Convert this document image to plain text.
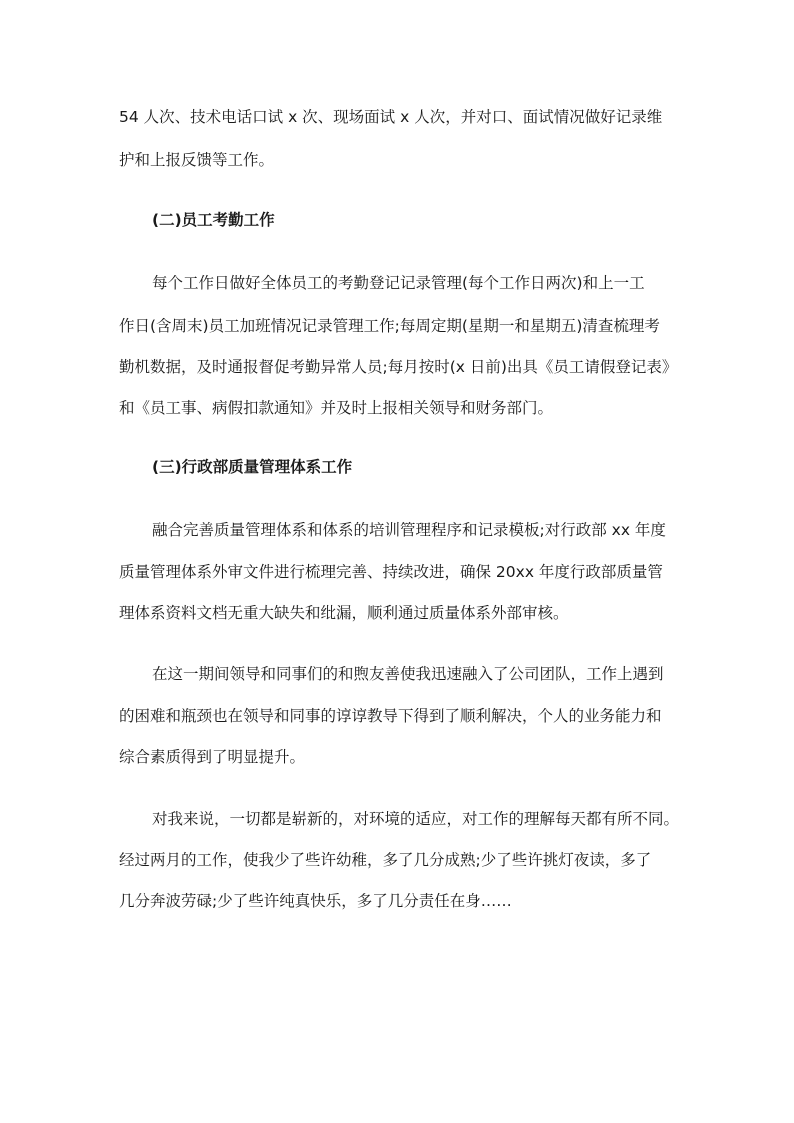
54 人次、技术电话口试 x 次、现场面试 x 人次，并对口、面试情况做好记录维

护和上报反馈等工作。

(二)员工考勤工作

每个工作日做好全体员工的考勤登记记录管理(每个工作日两次)和上一工

作日(含周末)员工加班情况记录管理工作;每周定期(星期一和星期五)清查梳理考

勤机数据，及时通报督促考勤异常人员;每月按时(x 日前)出具《员工请假登记表》

和《员工事、病假扣款通知》并及时上报相关领导和财务部门。

(三)行政部质量管理体系工作

融合完善质量管理体系和体系的培训管理程序和记录模板;对行政部 xx 年度

质量管理体系外审文件进行梳理完善、持续改进，确保 20xx 年度行政部质量管

理体系资料文档无重大缺失和纰漏，顺利通过质量体系外部审核。

在这一期间领导和同事们的和煦友善使我迅速融入了公司团队，工作上遇到

的困难和瓶颈也在领导和同事的谆谆教导下得到了顺利解决，个人的业务能力和

综合素质得到了明显提升。

对我来说，一切都是崭新的，对环境的适应，对工作的理解每天都有所不同。

经过两月的工作，使我少了些许幼稚，多了几分成熟;少了些许挑灯夜读，多了

几分奔波劳碌;少了些许纯真快乐，多了几分责任在身……
